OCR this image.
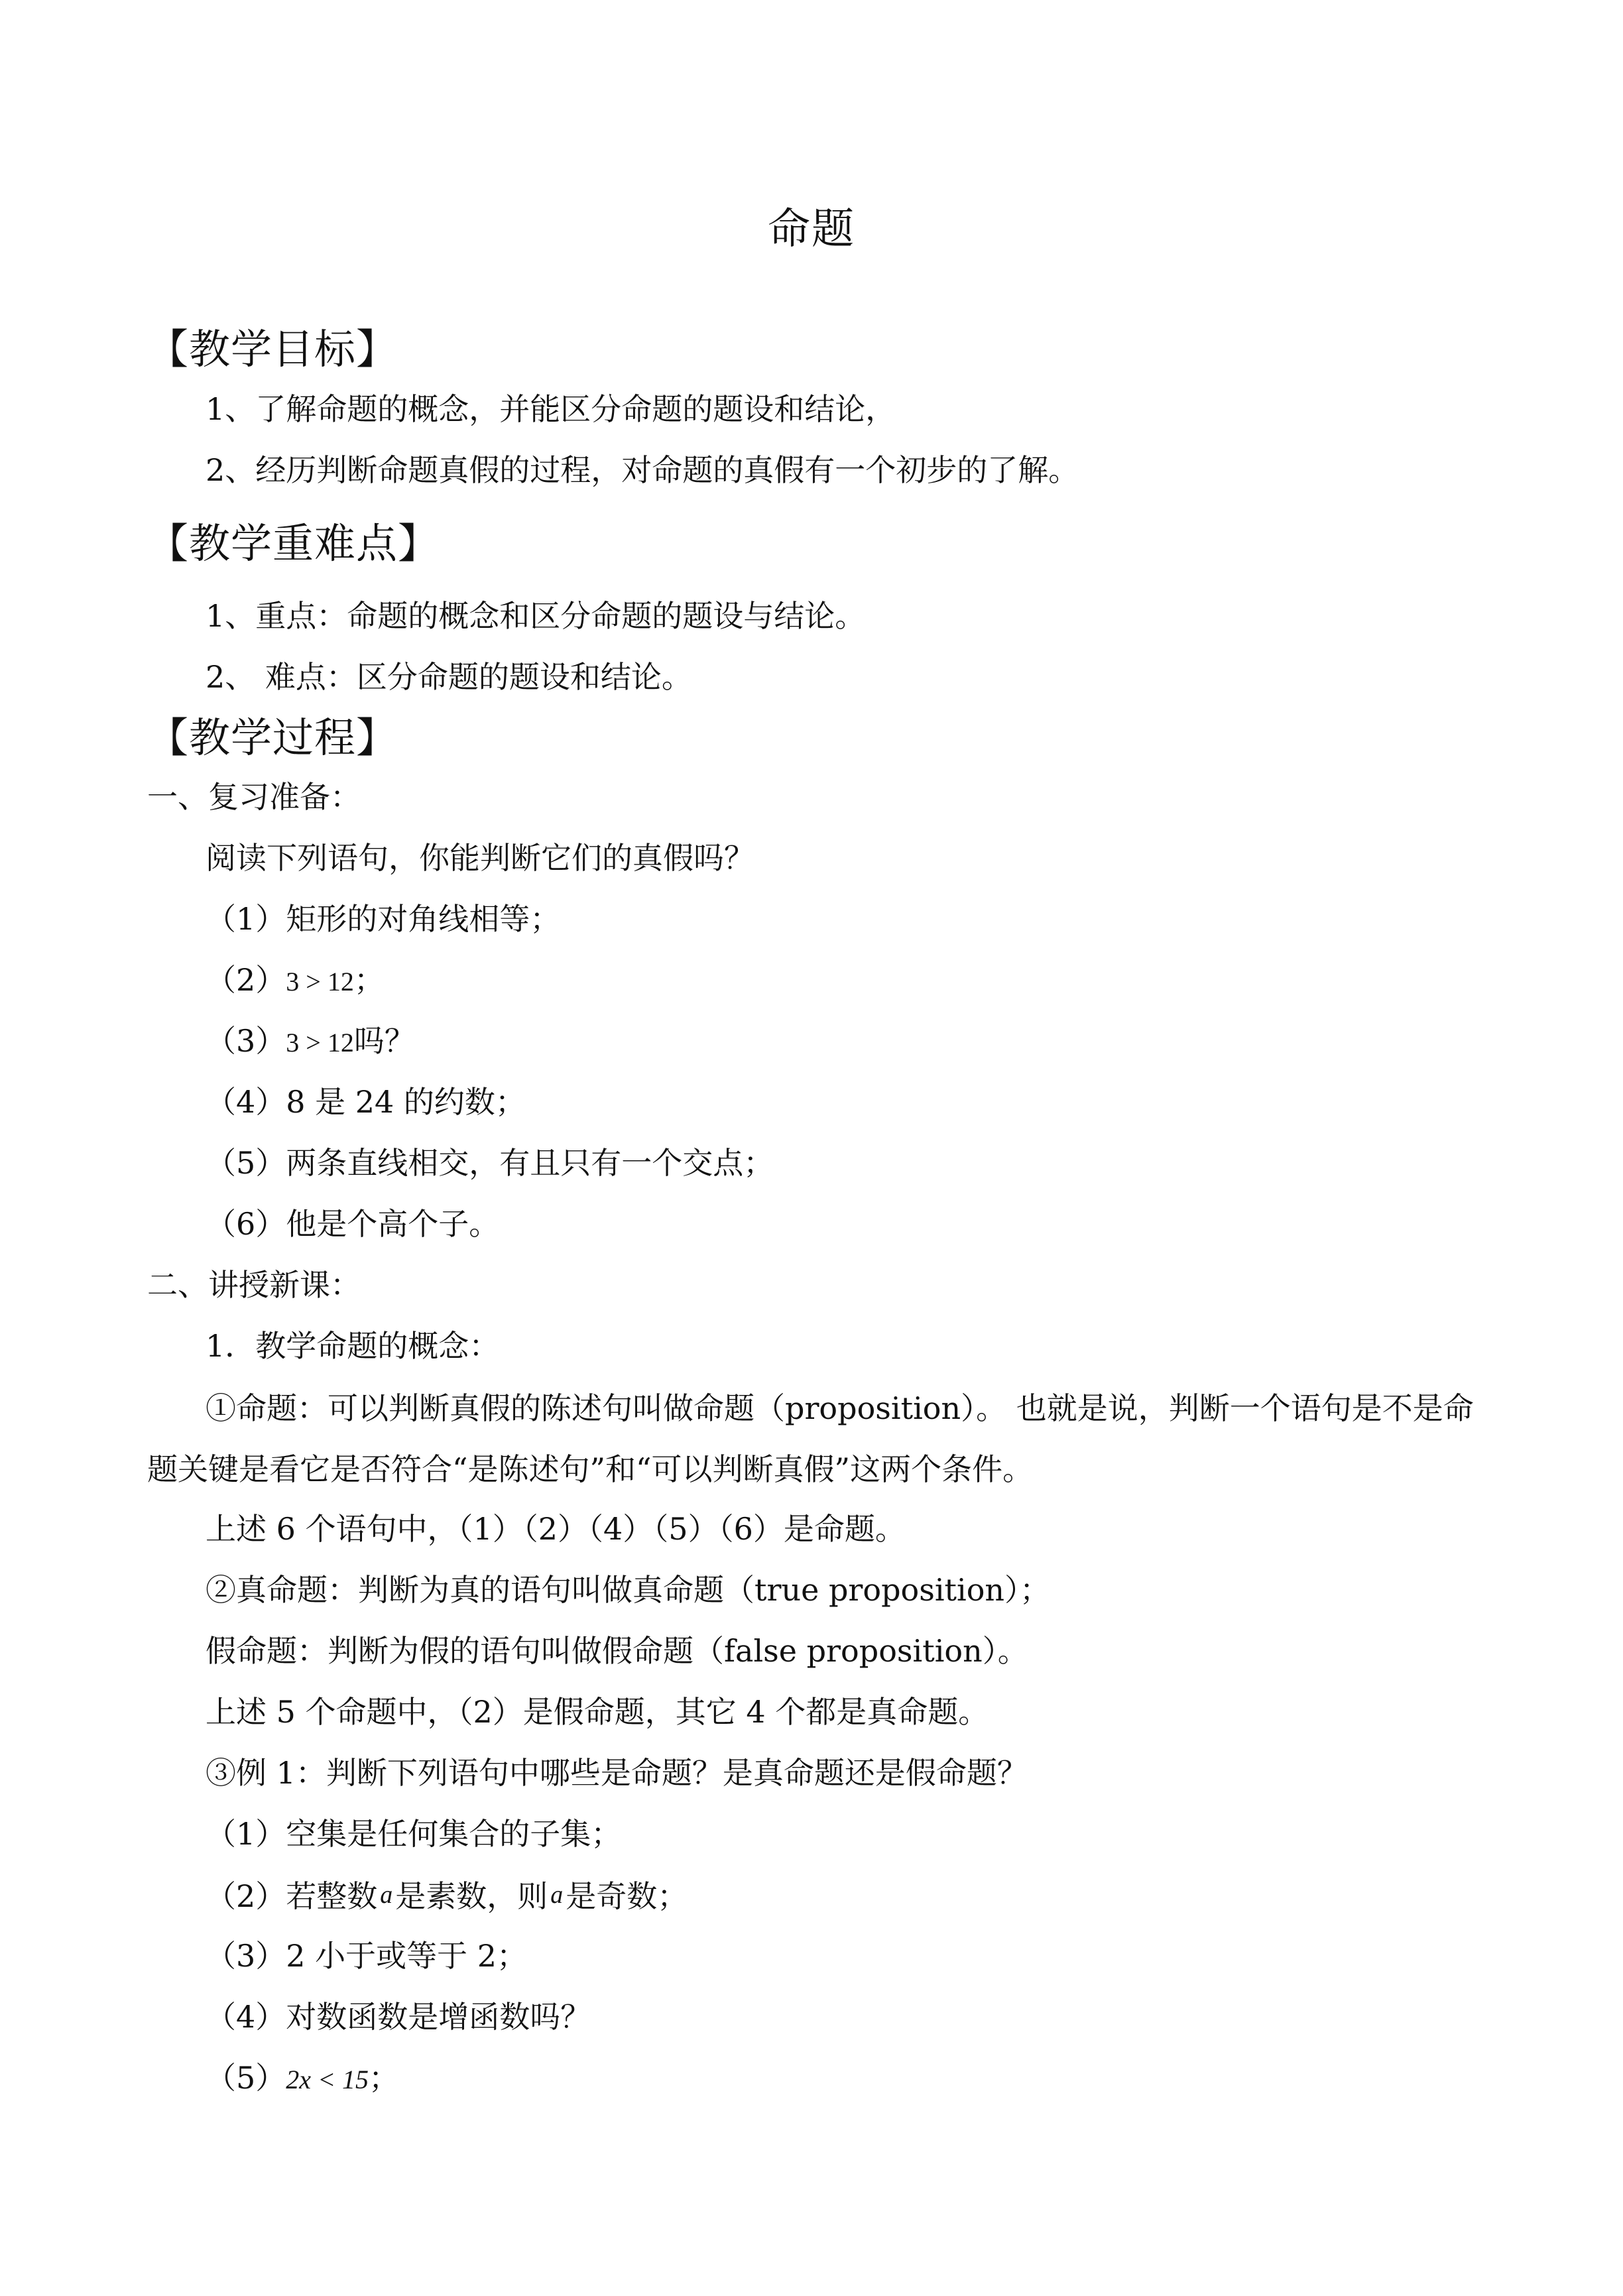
命题
【教学目标】
1、了解命题的概念，并能区分命题的题设和结论，
2、经历判断命题真假的过程，对命题的真假有一个初步的了解。
【教学重难点】
1、重点：命题的概念和区分命题的题设与结论。
2、 难点：区分命题的题设和结论。
【教学过程】
一、复习准备：
阅读下列语句，你能判断它们的真假吗？
（1）矩形的对角线相等；
（2）3 > 12；
（3）3 > 12吗？
（4）8 是 24 的约数；
（5）两条直线相交，有且只有一个交点；
（6）他是个高个子。
二、讲授新课：
1．教学命题的概念：
①命题：可以判断真假的陈述句叫做命题（proposition）。 也就是说，判断一个语句是不是命题关键是看它是否符合“是陈述句”和“可以判断真假”这两个条件。
上述 6 个语句中，（1）（2）（4）（5）（6）是命题。
②真命题：判断为真的语句叫做真命题（true proposition）；
假命题：判断为假的语句叫做假命题（false proposition）。
上述 5 个命题中，（2）是假命题，其它 4 个都是真命题。
③例 1：判断下列语句中哪些是命题？是真命题还是假命题？
（1）空集是任何集合的子集；
（2）若整数 a是素数，则 a是奇数；
（3）2 小于或等于 2；
（4）对数函数是增函数吗？
（5）2x < 15；
